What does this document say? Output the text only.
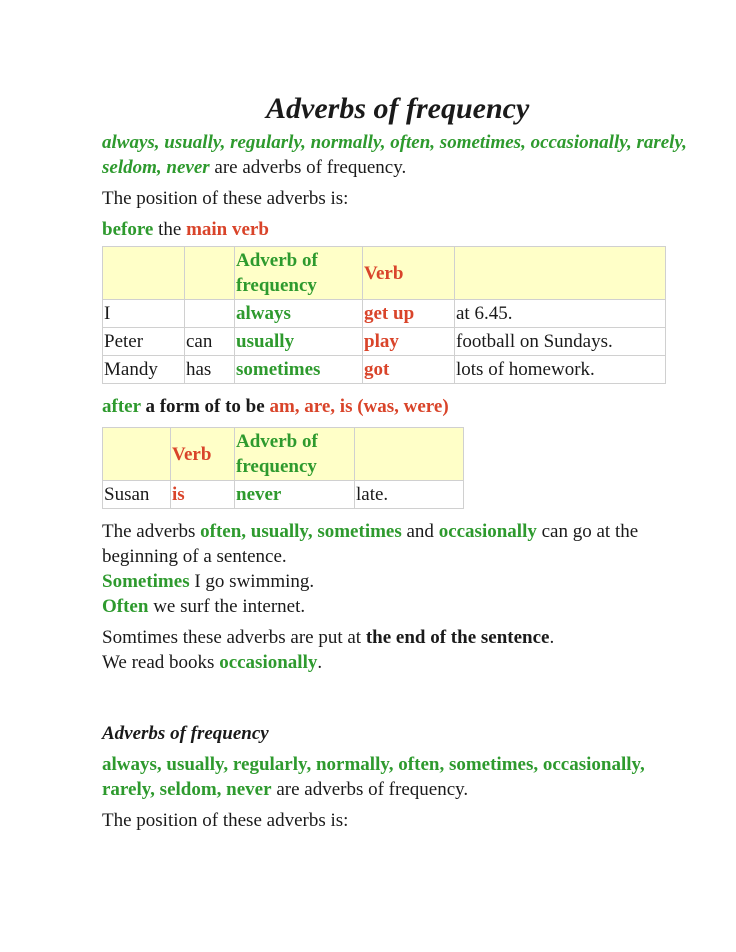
Adverbs of frequency

always, usually, regularly, normally, often, sometimes, occasionally, rarely, seldom, never are adverbs of frequency.

The position of these adverbs is:

before the main verb

		Adverb of frequency	Verb	
I		always	get up	at 6.45.
Peter	can	usually	play	football on Sundays.
Mandy	has	sometimes	got	lots of homework.

after a form of to be am, are, is (was, were)

	Verb	Adverb of frequency	
Susan	is	never	late.

The adverbs often, usually, sometimes and occasionally can go at the beginning of a sentence.

Sometimes I go swimming.

Often we surf the internet.

Somtimes these adverbs are put at the end of the sentence.

We read books occasionally.

Adverbs of frequency

always, usually, regularly, normally, often, sometimes, occasionally, rarely, seldom, never are adverbs of frequency.

The position of these adverbs is:
